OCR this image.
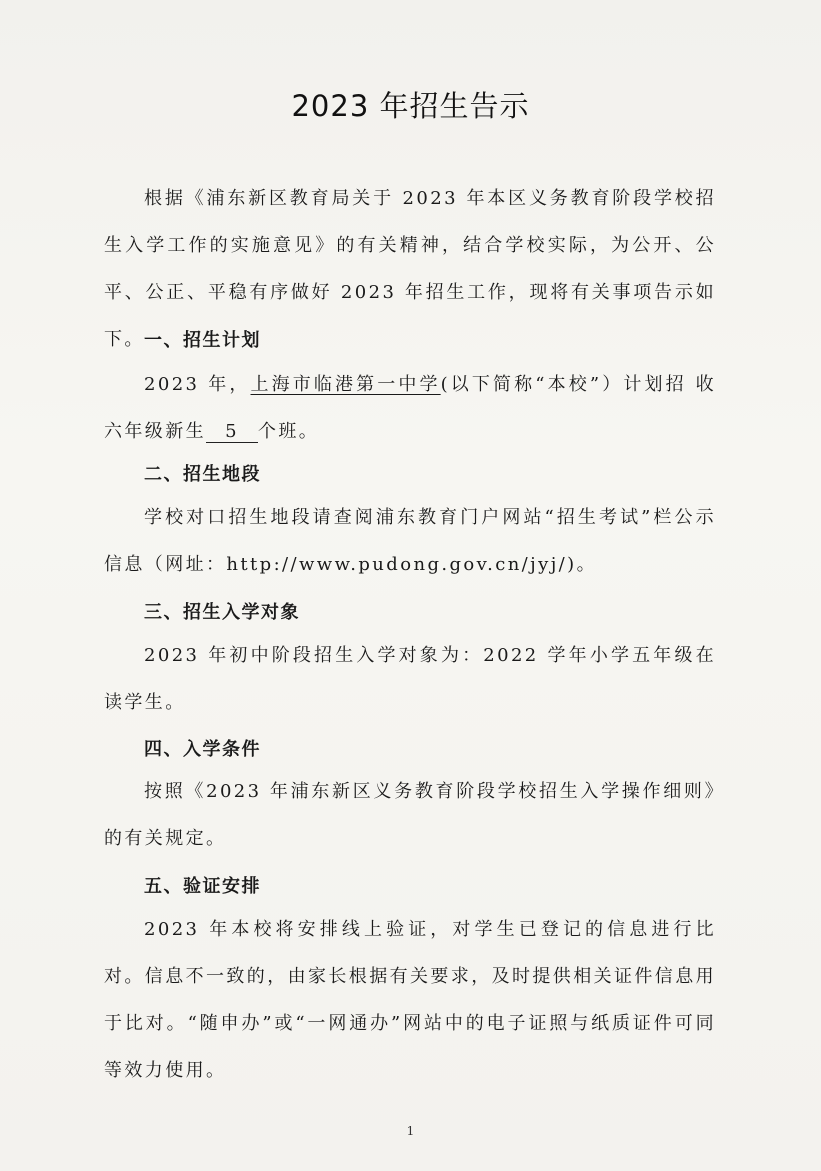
2023 年招生告示
根据《浦东新区教育局关于 2023 年本区义务教育阶段学校招生入学工作的实施意见》的有关精神，结合学校实际，为公开、公平、公正、平稳有序做好 2023 年招生工作，现将有关事项告示如下。 一、招生计划
2023 年，上海市临港第一中学(以下简称“本校”）计划招 收六年级新生 5 个班。
二、招生地段
学校对口招生地段请查阅浦东教育门户网站“招生考试”栏公示信息（网址：http://www.pudong.gov.cn/jyj/)。
三、招生入学对象
2023 年初中阶段招生入学对象为：2022 学年小学五年级在读学生。
四、入学条件
按照《2023 年浦东新区义务教育阶段学校招生入学操作细则》的有关规定。
五、验证安排
2023 年本校将安排线上验证，对学生已登记的信息进行比对。信息不一致的，由家长根据有关要求，及时提供相关证件信息用于比对。“随申办”或“一网通办”网站中的电子证照与纸质证件可同等效力使用。
1
